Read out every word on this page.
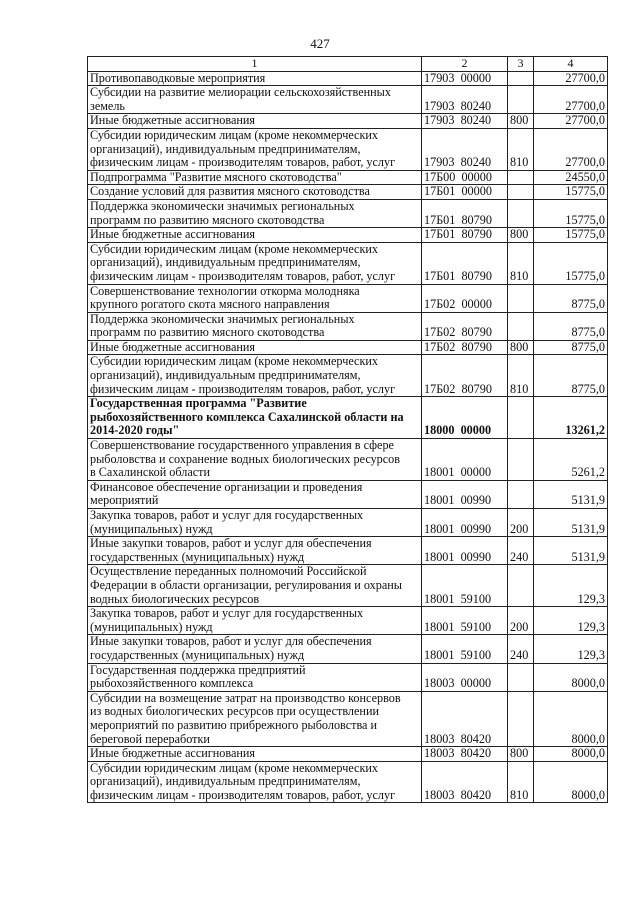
427
1	2	3	4
Противопаводковые мероприятия	17903  00000		27700,0
Субсидии на развитие мелиорации сельскохозяйственных
земель	17903  80240		27700,0
Иные бюджетные ассигнования	17903  80240	800	27700,0
Субсидии юридическим лицам (кроме некоммерческих
организаций), индивидуальным предпринимателям,
физическим лицам - производителям товаров, работ, услуг	17903  80240	810	27700,0
Подпрограмма "Развитие мясного скотоводства"	17Б00  00000		24550,0
Создание условий для развития мясного скотоводства	17Б01  00000		15775,0
Поддержка экономически значимых региональных
программ по развитию мясного скотоводства	17Б01  80790		15775,0
Иные бюджетные ассигнования	17Б01  80790	800	15775,0
Субсидии юридическим лицам (кроме некоммерческих
организаций), индивидуальным предпринимателям,
физическим лицам - производителям товаров, работ, услуг	17Б01  80790	810	15775,0
Совершенствование технологии откорма молодняка
крупного рогатого скота мясного направления	17Б02  00000		8775,0
Поддержка экономически значимых региональных
программ по развитию мясного скотоводства	17Б02  80790		8775,0
Иные бюджетные ассигнования	17Б02  80790	800	8775,0
Субсидии юридическим лицам (кроме некоммерческих
организаций), индивидуальным предпринимателям,
физическим лицам - производителям товаров, работ, услуг	17Б02  80790	810	8775,0
Государственная программа "Развитие
рыбохозяйственного комплекса Сахалинской области на
2014-2020 годы"	18000  00000		13261,2
Совершенствование государственного управления в сфере
рыболовства и сохранение водных биологических ресурсов
в Сахалинской области	18001  00000		5261,2
Финансовое обеспечение организации и проведения
мероприятий	18001  00990		5131,9
Закупка товаров, работ и услуг для государственных
(муниципальных) нужд	18001  00990	200	5131,9
Иные закупки товаров, работ и услуг для обеспечения
государственных (муниципальных) нужд	18001  00990	240	5131,9
Осуществление переданных полномочий Российской
Федерации в области организации, регулирования и охраны
водных биологических ресурсов	18001  59100		129,3
Закупка товаров, работ и услуг для государственных
(муниципальных) нужд	18001  59100	200	129,3
Иные закупки товаров, работ и услуг для обеспечения
государственных (муниципальных) нужд	18001  59100	240	129,3
Государственная поддержка предприятий
рыбохозяйственного комплекса	18003  00000		8000,0
Субсидии на возмещение затрат на производство консервов
из водных биологических ресурсов при осуществлении
мероприятий по развитию прибрежного рыболовства и
береговой переработки	18003  80420		8000,0
Иные бюджетные ассигнования	18003  80420	800	8000,0
Субсидии юридическим лицам (кроме некоммерческих
организаций), индивидуальным предпринимателям,
физическим лицам - производителям товаров, работ, услуг	18003  80420	810	8000,0
